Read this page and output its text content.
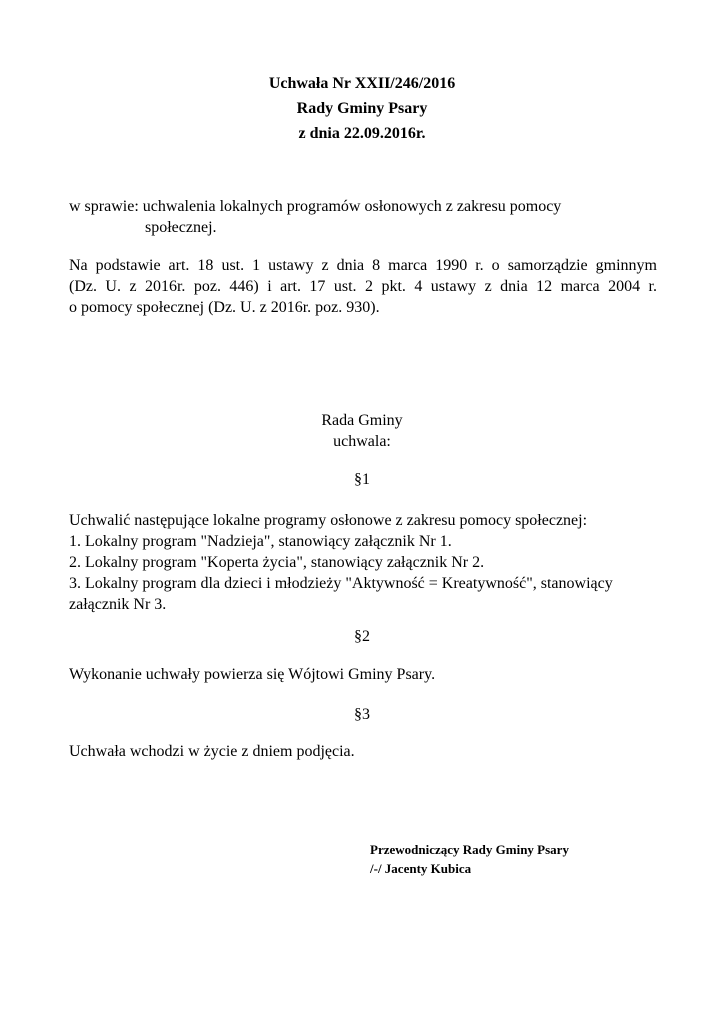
Uchwała Nr XXII/246/2016
Rady Gminy Psary
z dnia 22.09.2016r.
w sprawie: uchwalenia lokalnych programów osłonowych z zakresu pomocy
społecznej.
Na podstawie art. 18 ust. 1 ustawy z dnia 8 marca 1990 r. o samorządzie gminnym
(Dz. U. z 2016r. poz. 446) i art. 17 ust. 2 pkt. 4 ustawy z dnia 12 marca 2004 r.
o pomocy społecznej (Dz. U. z 2016r. poz. 930).
Rada Gminy
uchwala:
§1
Uchwalić następujące lokalne programy osłonowe z zakresu pomocy społecznej:
1. Lokalny program "Nadzieja", stanowiący załącznik Nr 1.
2. Lokalny program "Koperta życia", stanowiący załącznik Nr 2.
3. Lokalny program dla dzieci i młodzieży "Aktywność = Kreatywność", stanowiący
załącznik Nr 3.
§2
Wykonanie uchwały powierza się Wójtowi Gminy Psary.
§3
Uchwała wchodzi w życie z dniem podjęcia.
Przewodniczący Rady Gminy Psary
/-/ Jacenty Kubica
